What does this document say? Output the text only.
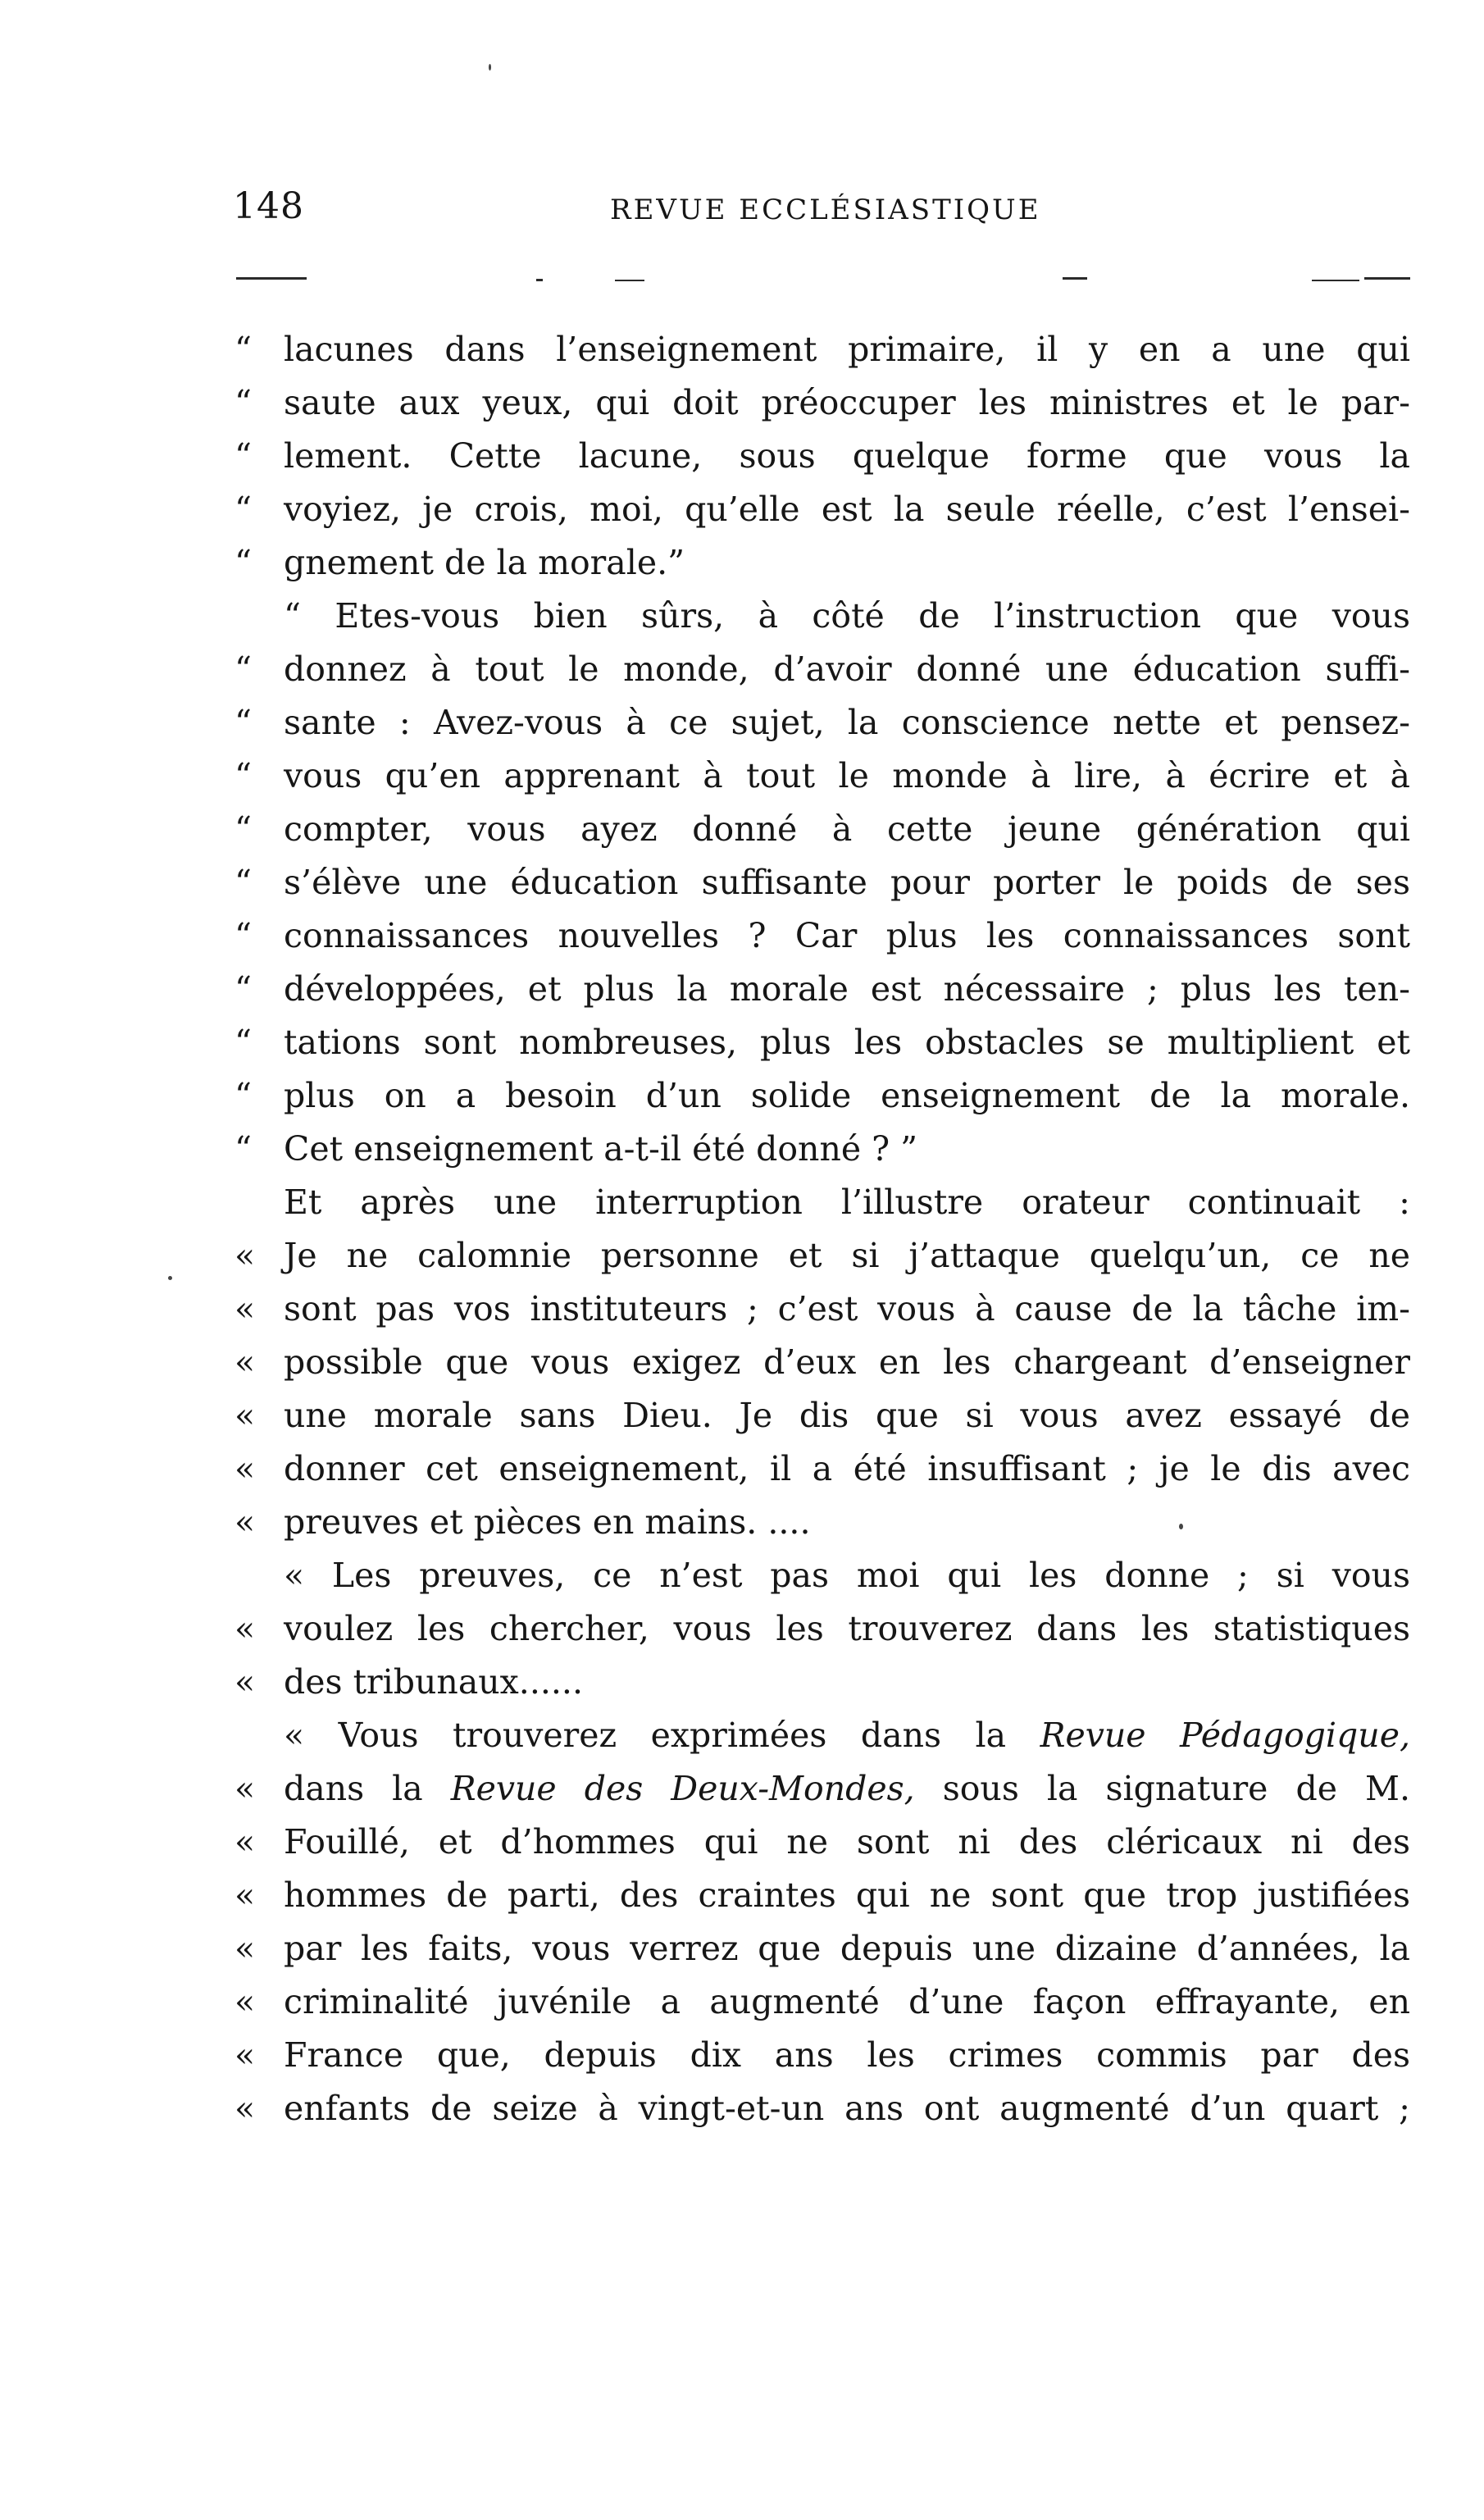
148	REVUE ECCLÉSIASTIQUE
“ lacunes dans l’enseignement primaire, il y en a une qui
“ saute aux yeux, qui doit préoccuper les ministres et le par-
“ lement. Cette lacune, sous quelque forme que vous la
“ voyiez, je crois, moi, qu’elle est la seule réelle, c’est l’ensei-
“ gnement de la morale.”
“ Etes-vous bien sûrs, à côté de l’instruction que vous
“ donnez à tout le monde, d’avoir donné une éducation suffi-
“ sante : Avez-vous à ce sujet, la conscience nette et pensez-
“ vous qu’en apprenant à tout le monde à lire, à écrire et à
“ compter, vous ayez donné à cette jeune génération qui
“ s’élève une éducation suffisante pour porter le poids de ses
“ connaissances nouvelles ? Car plus les connaissances sont
“ développées, et plus la morale est nécessaire ; plus les ten-
“ tations sont nombreuses, plus les obstacles se multiplient et
“ plus on a besoin d’un solide enseignement de la morale.
“ Cet enseignement a-t-il été donné ? ”
Et après une interruption l’illustre orateur continuait :
« Je ne calomnie personne et si j’attaque quelqu’un, ce ne
« sont pas vos instituteurs ; c’est vous à cause de la tâche im-
« possible que vous exigez d’eux en les chargeant d’enseigner
« une morale sans Dieu. Je dis que si vous avez essayé de
« donner cet enseignement, il a été insuffisant ; je le dis avec
« preuves et pièces en mains. ....
« Les preuves, ce n’est pas moi qui les donne ; si vous
« voulez les chercher, vous les trouverez dans les statistiques
« des tribunaux......
« Vous trouverez exprimées dans la Revue Pédagogique,
« dans la Revue des Deux-Mondes, sous la signature de M.
« Fouillé, et d’hommes qui ne sont ni des cléricaux ni des
« hommes de parti, des craintes qui ne sont que trop justifiées
« par les faits, vous verrez que depuis une dizaine d’années, la
« criminalité juvénile a augmenté d’une façon effrayante, en
« France que, depuis dix ans les crimes commis par des
« enfants de seize à vingt-et-un ans ont augmenté d’un quart ;
